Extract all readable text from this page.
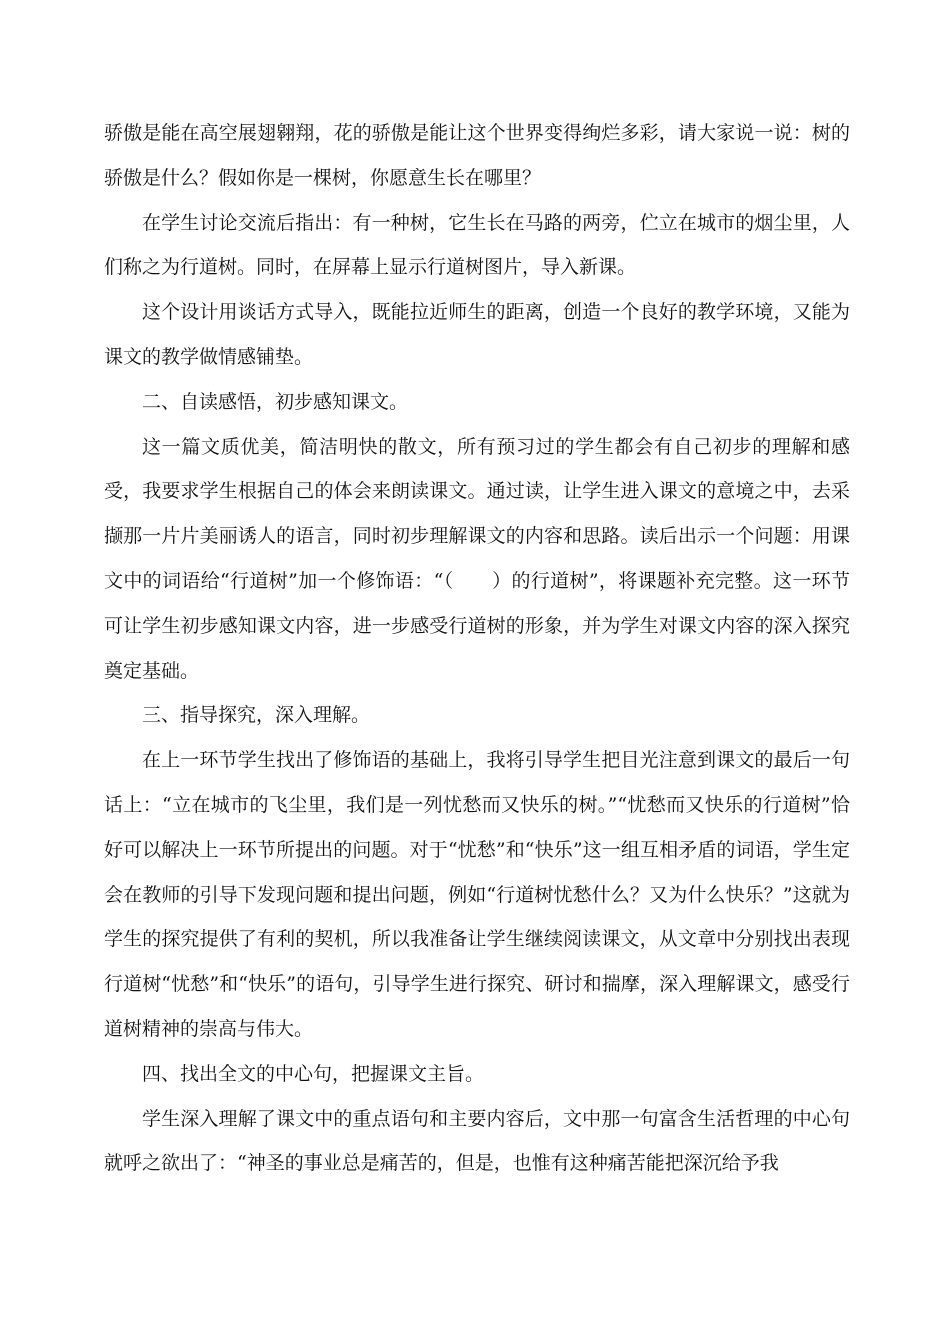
骄傲是能在高空展翅翱翔，花的骄傲是能让这个世界变得绚烂多彩，请大家说一说：树的骄傲是什么？假如你是一棵树，你愿意生长在哪里？

在学生讨论交流后指出：有一种树，它生长在马路的两旁，伫立在城市的烟尘里，人们称之为行道树。同时，在屏幕上显示行道树图片，导入新课。

这个设计用谈话方式导入，既能拉近师生的距离，创造一个良好的教学环境，又能为课文的教学做情感铺垫。

二、自读感悟，初步感知课文。

这一篇文质优美，简洁明快的散文，所有预习过的学生都会有自己初步的理解和感受，我要求学生根据自己的体会来朗读课文。通过读，让学生进入课文的意境之中，去采撷那一片片美丽诱人的语言，同时初步理解课文的内容和思路。读后出示一个问题：用课文中的词语给“行道树”加一个修饰语：“（　　）的行道树”，将课题补充完整。这一环节可让学生初步感知课文内容，进一步感受行道树的形象，并为学生对课文内容的深入探究奠定基础。

三、指导探究，深入理解。

在上一环节学生找出了修饰语的基础上，我将引导学生把目光注意到课文的最后一句话上：“立在城市的飞尘里，我们是一列忧愁而又快乐的树。”“忧愁而又快乐的行道树”恰好可以解决上一环节所提出的问题。对于“忧愁”和“快乐”这一组互相矛盾的词语，学生定会在教师的引导下发现问题和提出问题，例如“行道树忧愁什么？又为什么快乐？”这就为学生的探究提供了有利的契机，所以我准备让学生继续阅读课文，从文章中分别找出表现行道树“忧愁”和“快乐”的语句，引导学生进行探究、研讨和揣摩，深入理解课文，感受行道树精神的崇高与伟大。

四、找出全文的中心句，把握课文主旨。

学生深入理解了课文中的重点语句和主要内容后，文中那一句富含生活哲理的中心句就呼之欲出了：“神圣的事业总是痛苦的，但是，也惟有这种痛苦能把深沉给予我
